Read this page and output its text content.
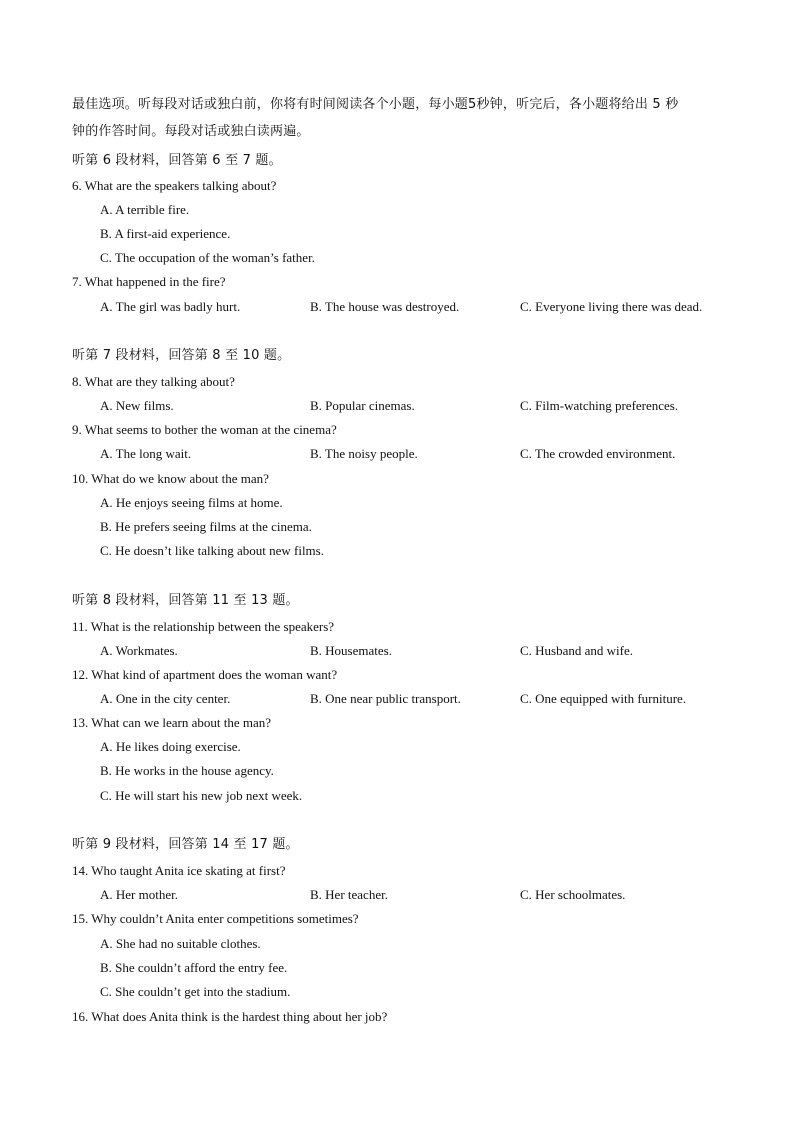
最佳选项。听每段对话或独白前，你将有时间阅读各个小题，每小题5秒钟，听完后，各小题将给出 5 秒
钟的作答时间。每段对话或独白读两遍。
听第 6 段材料，回答第 6 至 7 题。
6. What are the speakers talking about?
A. A terrible fire.
B. A first-aid experience.
C. The occupation of the woman’s father.
7. What happened in the fire?
A. The girl was badly hurt.	B. The house was destroyed.	C. Everyone living there was dead.
听第 7 段材料，回答第 8 至 10 题。
8. What are they talking about?
A. New films.	B. Popular cinemas.	C. Film-watching preferences.
9. What seems to bother the woman at the cinema?
A. The long wait.	B. The noisy people.	C. The crowded environment.
10. What do we know about the man?
A. He enjoys seeing films at home.
B. He prefers seeing films at the cinema.
C. He doesn’t like talking about new films.
听第 8 段材料，回答第 11 至 13 题。
11. What is the relationship between the speakers?
A. Workmates.	B. Housemates.	C. Husband and wife.
12. What kind of apartment does the woman want?
A. One in the city center.	B. One near public transport.	C. One equipped with furniture.
13. What can we learn about the man?
A. He likes doing exercise.
B. He works in the house agency.
C. He will start his new job next week.
听第 9 段材料，回答第 14 至 17 题。
14. Who taught Anita ice skating at first?
A. Her mother.	B. Her teacher.	C. Her schoolmates.
15. Why couldn’t Anita enter competitions sometimes?
A. She had no suitable clothes.
B. She couldn’t afford the entry fee.
C. She couldn’t get into the stadium.
16. What does Anita think is the hardest thing about her job?
